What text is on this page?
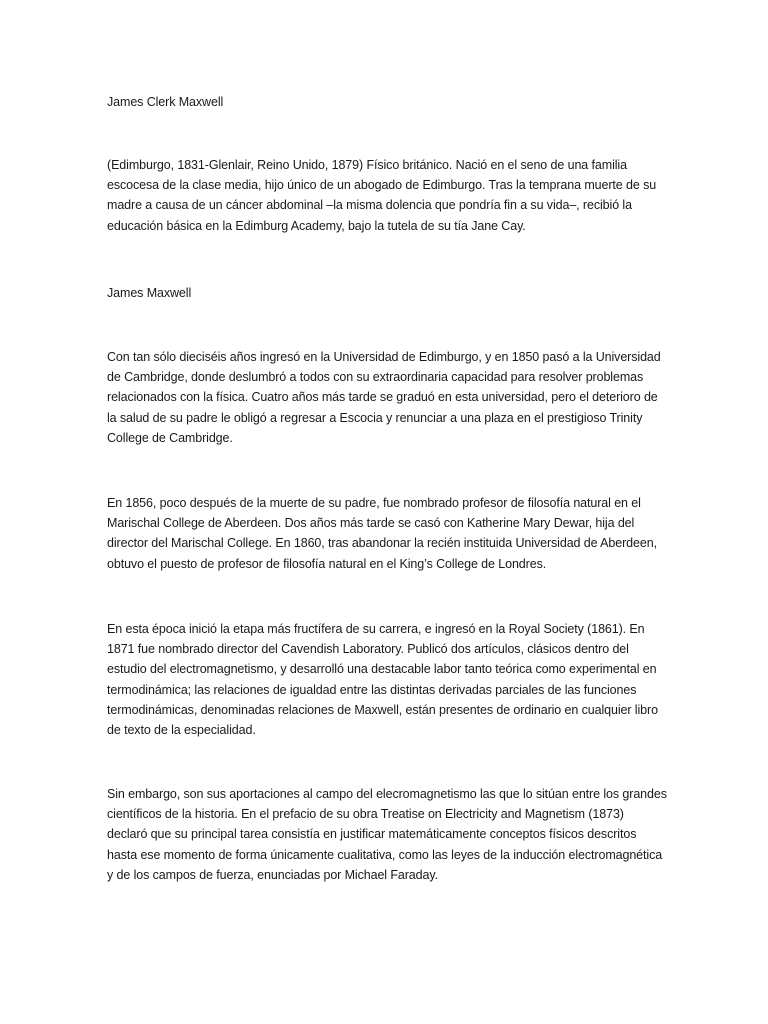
James Clerk Maxwell

(Edimburgo, 1831-Glenlair, Reino Unido, 1879) Físico británico. Nació en el seno de una familia escocesa de la clase media, hijo único de un abogado de Edimburgo. Tras la temprana muerte de su madre a causa de un cáncer abdominal –la misma dolencia que pondría fin a su vida–, recibió la educación básica en la Edimburg Academy, bajo la tutela de su tía Jane Cay.

James Maxwell

Con tan sólo dieciséis años ingresó en la Universidad de Edimburgo, y en 1850 pasó a la Universidad de Cambridge, donde deslumbró a todos con su extraordinaria capacidad para resolver problemas relacionados con la física. Cuatro años más tarde se graduó en esta universidad, pero el deterioro de la salud de su padre le obligó a regresar a Escocia y renunciar a una plaza en el prestigioso Trinity College de Cambridge.

En 1856, poco después de la muerte de su padre, fue nombrado profesor de filosofía natural en el Marischal College de Aberdeen. Dos años más tarde se casó con Katherine Mary Dewar, hija del director del Marischal College. En 1860, tras abandonar la recién instituida Universidad de Aberdeen, obtuvo el puesto de profesor de filosofía natural en el King’s College de Londres.

En esta época inició la etapa más fructífera de su carrera, e ingresó en la Royal Society (1861). En 1871 fue nombrado director del Cavendish Laboratory. Publicó dos artículos, clásicos dentro del estudio del electromagnetismo, y desarrolló una destacable labor tanto teórica como experimental en termodinámica; las relaciones de igualdad entre las distintas derivadas parciales de las funciones termodinámicas, denominadas relaciones de Maxwell, están presentes de ordinario en cualquier libro de texto de la especialidad.

Sin embargo, son sus aportaciones al campo del elecromagnetismo las que lo sitúan entre los grandes científicos de la historia. En el prefacio de su obra Treatise on Electricity and Magnetism (1873) declaró que su principal tarea consistía en justificar matemáticamente conceptos físicos descritos hasta ese momento de forma únicamente cualitativa, como las leyes de la inducción electromagnética y de los campos de fuerza, enunciadas por Michael Faraday.
